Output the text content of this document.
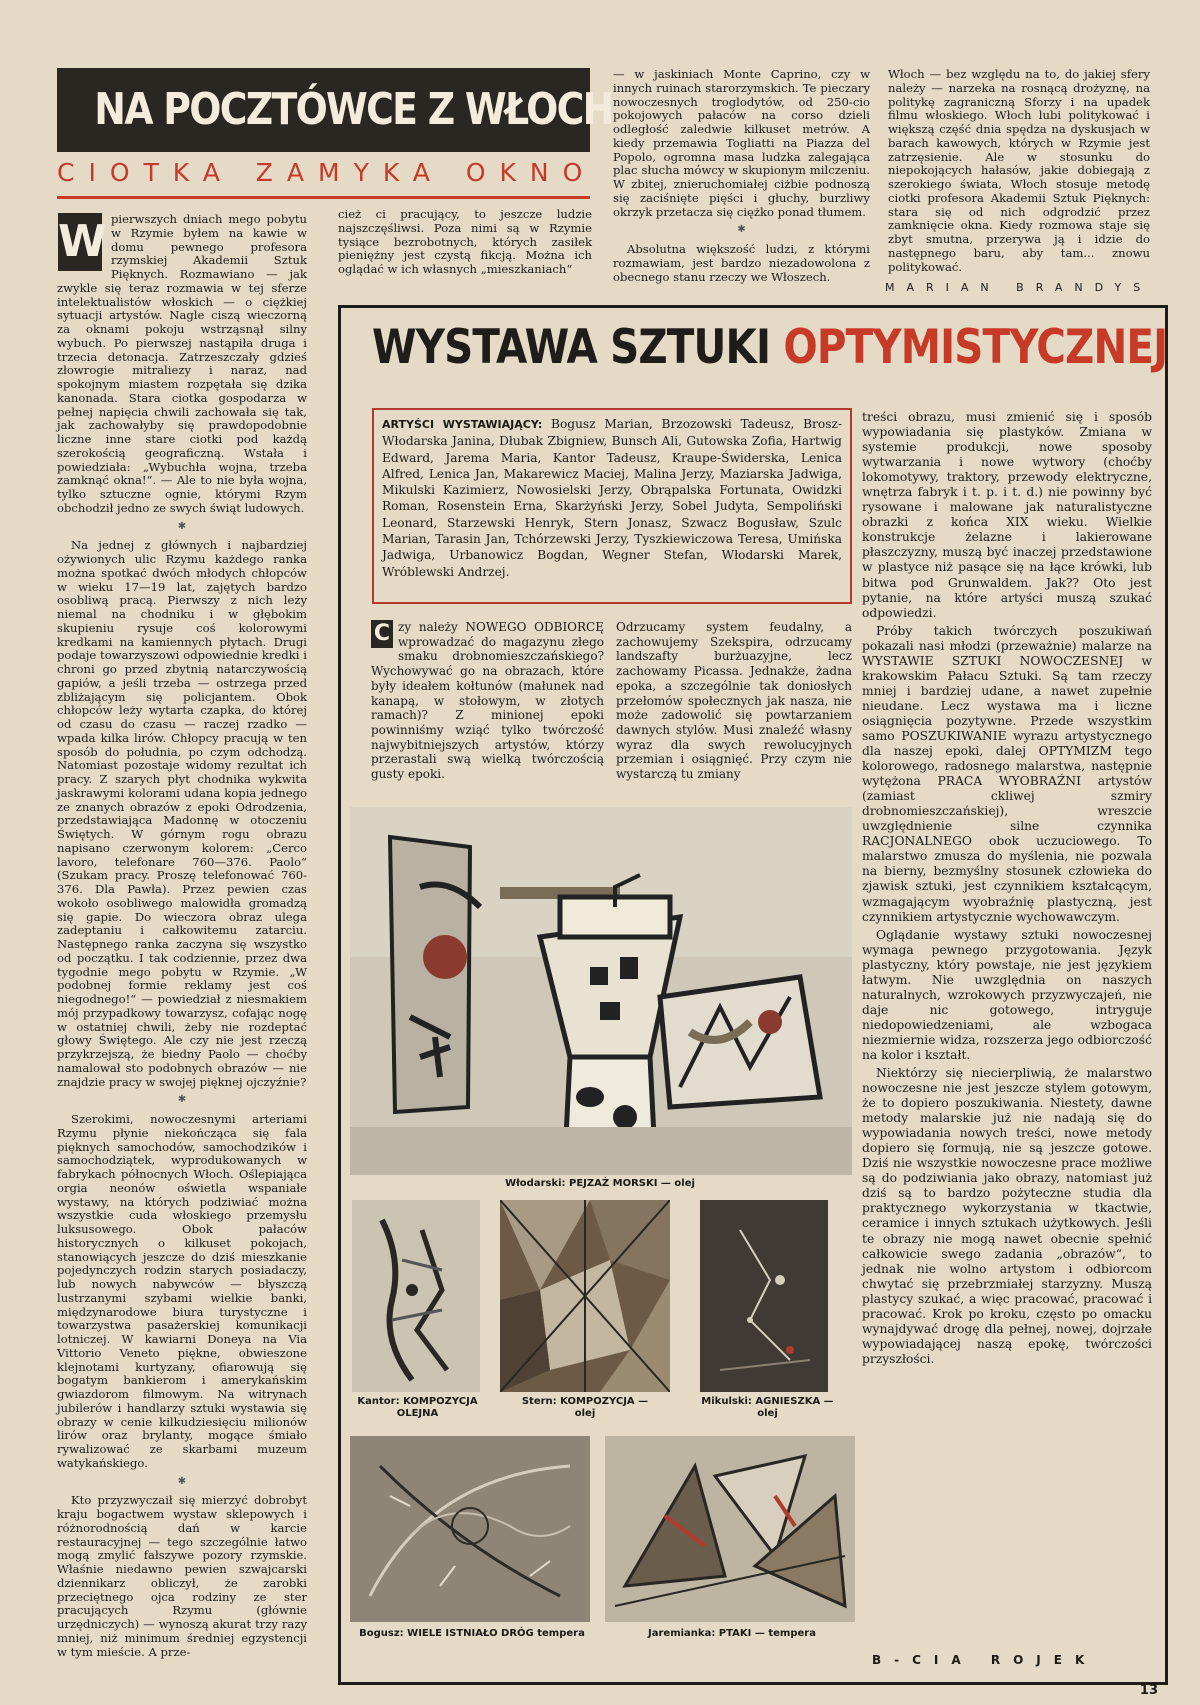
NA POCZTÓWCE Z WŁOCH
CIOTKA ZAMYKA OKNO
W pierwszych dniach mego pobytu w Rzymie byłem na kawie w domu pewnego profesora rzymskiej Akademii Sztuk Pięknych. Rozmawiano — jak zwykle się teraz rozmawia w tej sferze intelektualistów włoskich — o ciężkiej sytuacji artystów. Nagle ciszą wieczorną za oknami pokoju wstrząsnął silny wybuch. Po pierwszej nastąpiła druga i trzecia detonacja. Zatrzeszczały gdzieś złowrogie mitraliezy i naraz, nad spokojnym miastem rozpętała się dzika kanonada. Stara ciotka gospodarza w pełnej napięcia chwili zachowała się tak, jak zachowałyby się prawdopodobnie liczne inne stare ciotki pod każdą szerokością geograficzną. Wstała i powiedziała: „Wybuchła wojna, trzeba zamknąć okna!“. — Ale to nie była wojna, tylko sztuczne ognie, którymi Rzym obchodził jedno ze swych świąt ludowych.

✱

Na jednej z głównych i najbardziej ożywionych ulic Rzymu każdego ranka można spotkać dwóch młodych chłopców w wieku 17—19 lat, zajętych bardzo osobliwą pracą. Pierwszy z nich leży niemal na chodniku i w głębokim skupieniu rysuje coś kolorowymi kredkami na kamiennych płytach. Drugi podaje towarzyszowi odpowiednie kredki i chroni go przed zbytnią natarczywością gapiów, a jeśli trzeba — ostrzega przed zbliżającym się policjantem. Obok chłopców leży wytarta czapka, do której od czasu do czasu — raczej rzadko — wpada kilka lirów. Chłopcy pracują w ten sposób do południa, po czym odchodzą. Natomiast pozostaje widomy rezultat ich pracy. Z szarych płyt chodnika wykwita jaskrawymi kolorami udana kopia jednego ze znanych obrazów z epoki Odrodzenia, przedstawiająca Madonnę w otoczeniu Świętych. W górnym rogu obrazu napisano czerwonym kolorem: „Cerco lavoro, telefonare 760—376. Paolo“ (Szukam pracy. Proszę telefonować 760-376. Dla Pawła). Przez pewien czas wokoło osobliwego malowidła gromadzą się gapie. Do wieczora obraz ulega zadeptaniu i całkowitemu zatarciu. Następnego ranka zaczyna się wszystko od początku. I tak codziennie, przez dwa tygodnie mego pobytu w Rzymie. „W podobnej formie reklamy jest coś niegodnego!“ — powiedział z niesmakiem mój przypadkowy towarzysz, cofając nogę w ostatniej chwili, żeby nie rozdeptać głowy Świętego. Ale czy nie jest rzeczą przykrzejszą, że biedny Paolo — choćby namalował sto podobnych obrazów — nie znajdzie pracy w swojej pięknej ojczyźnie?

✱

Szerokimi, nowoczesnymi arteriami Rzymu płynie niekończąca się fala pięknych samochodów, samochodzików i samochodziątek, wyprodukowanych w fabrykach północnych Włoch. Oślepiająca orgia neonów oświetla wspaniałe wystawy, na których podziwiać można wszystkie cuda włoskiego przemysłu luksusowego. Obok pałaców historycznych o kilkuset pokojach, stanowiących jeszcze do dziś mieszkanie pojedynczych rodzin starych posiadaczy, lub nowych nabywców — błyszczą lustrzanymi szybami wielkie banki, międzynarodowe biura turystyczne i towarzystwa pasażerskiej komunikacji lotniczej. W kawiarni Doneya na Via Vittorio Veneto piękne, obwieszone klejnotami kurtyzany, ofiarowują się bogatym bankierom i amerykańskim gwiazdorom filmowym. Na witrynach jubilerów i handlarzy sztuki wystawia się obrazy w cenie kilkudziesięciu milionów lirów oraz brylanty, mogące śmiało rywalizować ze skarbami muzeum watykańskiego.

✱

Kto przyzwyczaił się mierzyć dobrobyt kraju bogactwem wystaw sklepowych i różnorodnością dań w karcie restauracyjnej — tego szczególnie łatwo mogą zmylić fałszywe pozory rzymskie. Właśnie niedawno pewien szwajcarski dziennikarz obliczył, że zarobki przeciętnego ojca rodziny ze ster pracujących Rzymu (głównie urzędniczych) — wynoszą akurat trzy razy mniej, niż minimum średniej egzystencji w tym mieście. A prze-

cież ci pracujący, to jeszcze ludzie najszczęśliwsi. Poza nimi są w Rzymie tysiące bezrobotnych, których zasiłek pieniężny jest czystą fikcją. Można ich oglądać w ich własnych „mieszkaniach“

— w jaskiniach Monte Caprino, czy w innych ruinach starorzymskich. Te pieczary nowoczesnych troglodytów, od 250-cio pokojowych pałaców na corso dzieli odległość zaledwie kilkuset metrów. A kiedy przemawia Togliatti na Piazza del Popolo, ogromna masa ludzka zalegająca plac słucha mówcy w skupionym milczeniu. W zbitej, znieruchomiałej ciżbie podnoszą się zaciśnięte pięści i głuchy, burzliwy okrzyk przetacza się ciężko ponad tłumem.

✱

Absolutna większość ludzi, z którymi rozmawiam, jest bardzo niezadowolona z obecnego stanu rzeczy we Włoszech.

Włoch — bez względu na to, do jakiej sfery należy — narzeka na rosnącą drożyznę, na politykę zagraniczną Sforzy i na upadek filmu włoskiego. Włoch lubi politykować i większą część dnia spędza na dyskusjach w barach kawowych, których w Rzymie jest zatrzęsienie. Ale w stosunku do niepokojących hałasów, jakie dobiegają z szerokiego świata, Włoch stosuje metodę ciotki profesora Akademii Sztuk Pięknych: stara się od nich odgrodzić przez zamknięcie okna. Kiedy rozmowa staje się zbyt smutna, przerywa ją i idzie do następnego baru, aby tam... znowu politykować.

MARIAN BRANDYS
WYSTAWA SZTUKI OPTYMISTYCZNEJ
ARTYŚCI WYSTAWIAJĄCY: Bogusz Marian, Brzozowski Tadeusz, Brosz-Włodarska Janina, Dłubak Zbigniew, Bunsch Ali, Gutowska Zofia, Hartwig Edward, Jarema Maria, Kantor Tadeusz, Kraupe-Świderska, Lenica Alfred, Lenica Jan, Makarewicz Maciej, Malina Jerzy, Maziarska Jadwiga, Mikulski Kazimierz, Nowosielski Jerzy, Obrąpalska Fortunata, Owidzki Roman, Rosenstein Erna, Skarżyński Jerzy, Sobel Judyta, Sempoliński Leonard, Starzewski Henryk, Stern Jonasz, Szwacz Bogusław, Szulc Marian, Tarasin Jan, Tchórzewski Jerzy, Tyszkiewiczowa Teresa, Umińska Jadwiga, Urbanowicz Bogdan, Wegner Stefan, Włodarski Marek, Wróblewski Andrzej.
C zy należy NOWEGO ODBIORCĘ wprowadzać do magazynu złego smaku drobnomieszczańskiego? Wychowywać go na obrazach, które były ideałem kołtunów (małunek nad kanapą, w stołowym, w złotych ramach)? Z minionej epoki powinniśmy wziąć tylko twórczość najwybitniejszych artystów, którzy przerastali swą wielką twórczością gusty epoki.

Odrzucamy system feudalny, a zachowujemy Szekspira, odrzucamy landszafty burżuazyjne, lecz zachowamy Picassa. Jednakże, żadna epoka, a szczególnie tak doniosłych przełomów społecznych jak nasza, nie może zadowolić się powtarzaniem dawnych stylów. Musi znaleźć własny wyraz dla swych rewolucyjnych przemian i osiągnięć. Przy czym nie wystarczą tu zmiany

treści obrazu, musi zmienić się i sposób wypowiadania się plastyków. Zmiana w systemie produkcji, nowe sposoby wytwarzania i nowe wytwory (choćby lokomotywy, traktory, przewody elektryczne, wnętrza fabryk i t. p. i t. d.) nie powinny być rysowane i malowane jak naturalistyczne obrazki z końca XIX wieku. Wielkie konstrukcje żelazne i lakierowane płaszczyzny, muszą być inaczej przedstawione w plastyce niż pasące się na łące krówki, lub bitwa pod Grunwaldem. Jak?? Oto jest pytanie, na które artyści muszą szukać odpowiedzi.

Próby takich twórczych poszukiwań pokazali nasi młodzi (przeważnie) malarze na WYSTAWIE SZTUKI NOWOCZESNEJ w krakowskim Pałacu Sztuki. Są tam rzeczy mniej i bardziej udane, a nawet zupełnie nieudane. Lecz wystawa ma i liczne osiągnięcia pozytywne. Przede wszystkim samo POSZUKIWANIE wyrazu artystycznego dla naszej epoki, dalej OPTYMIZM tego kolorowego, radosnego malarstwa, następnie wytężona PRACA WYOBRAŹNI artystów (zamiast ckliwej szmiry drobnomieszczańskiej), wreszcie uwzględnienie silne czynnika RACJONALNEGO obok uczuciowego. To malarstwo zmusza do myślenia, nie pozwala na bierny, bezmyślny stosunek człowieka do zjawisk sztuki, jest czynnikiem kształcącym, wzmagającym wyobraźnię plastyczną, jest czynnikiem artystycznie wychowawczym.

Oglądanie wystawy sztuki nowoczesnej wymaga pewnego przygotowania. Język plastyczny, który powstaje, nie jest językiem łatwym. Nie uwzględnia on naszych naturalnych, wzrokowych przyzwyczajeń, nie daje nic gotowego, intryguje niedopowiedzeniami, ale wzbogaca niezmiernie widza, rozszerza jego odbiorczość na kolor i kształt.

Niektórzy się niecierpliwią, że malarstwo nowoczesne nie jest jeszcze stylem gotowym, że to dopiero poszukiwania. Niestety, dawne metody malarskie już nie nadają się do wypowiadania nowych treści, nowe metody dopiero się formują, nie są jeszcze gotowe. Dziś nie wszystkie nowoczesne prace możliwe są do podziwiania jako obrazy, natomiast już dziś są to bardzo pożyteczne studia dla praktycznego wykorzystania w tkactwie, ceramice i innych sztukach użytkowych. Jeśli te obrazy nie mogą nawet obecnie spełnić całkowicie swego zadania „obrazów“, to jednak nie wolno artystom i odbiorcom chwytać się przebrzmiałej starzyzny. Muszą plastycy szukać, a więc pracować, pracować i pracować. Krok po kroku, często po omacku wynajdywać drogę dla pełnej, nowej, dojrzałe wypowiadającej naszą epokę, twórczości przyszłości.

B-CIA ROJEK
Włodarski: PEJZAŻ MORSKI — olej
Kantor: KOMPOZYCJA OLEJNA
Stern: KOMPOZYCJA — olej
Mikulski: AGNIESZKA — olej
Bogusz: WIELE ISTNIAŁO DRÓG tempera	Jaremianka: PTAKI — tempera
13
